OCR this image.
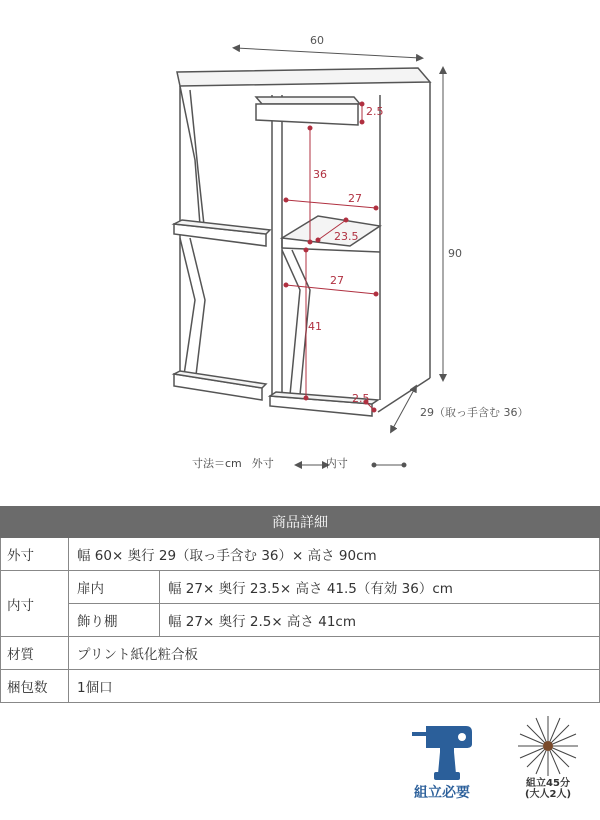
60
90
29（取っ手含む 36）
36
2.5
27
23.5
27
41
2.5
寸法＝cm 外寸	内寸
商品詳細		
外寸	幅 60× 奥行 29（取っ手含む 36）× 高さ 90cm	
内寸	扉内	幅 27× 奥行 23.5× 高さ 41.5（有効 36）cm
	飾り棚	幅 27× 奥行 2.5× 高さ 41cm
材質	プリント紙化粧合板	
梱包数	1個口	
組立必要
組立45分
(大人2人)
